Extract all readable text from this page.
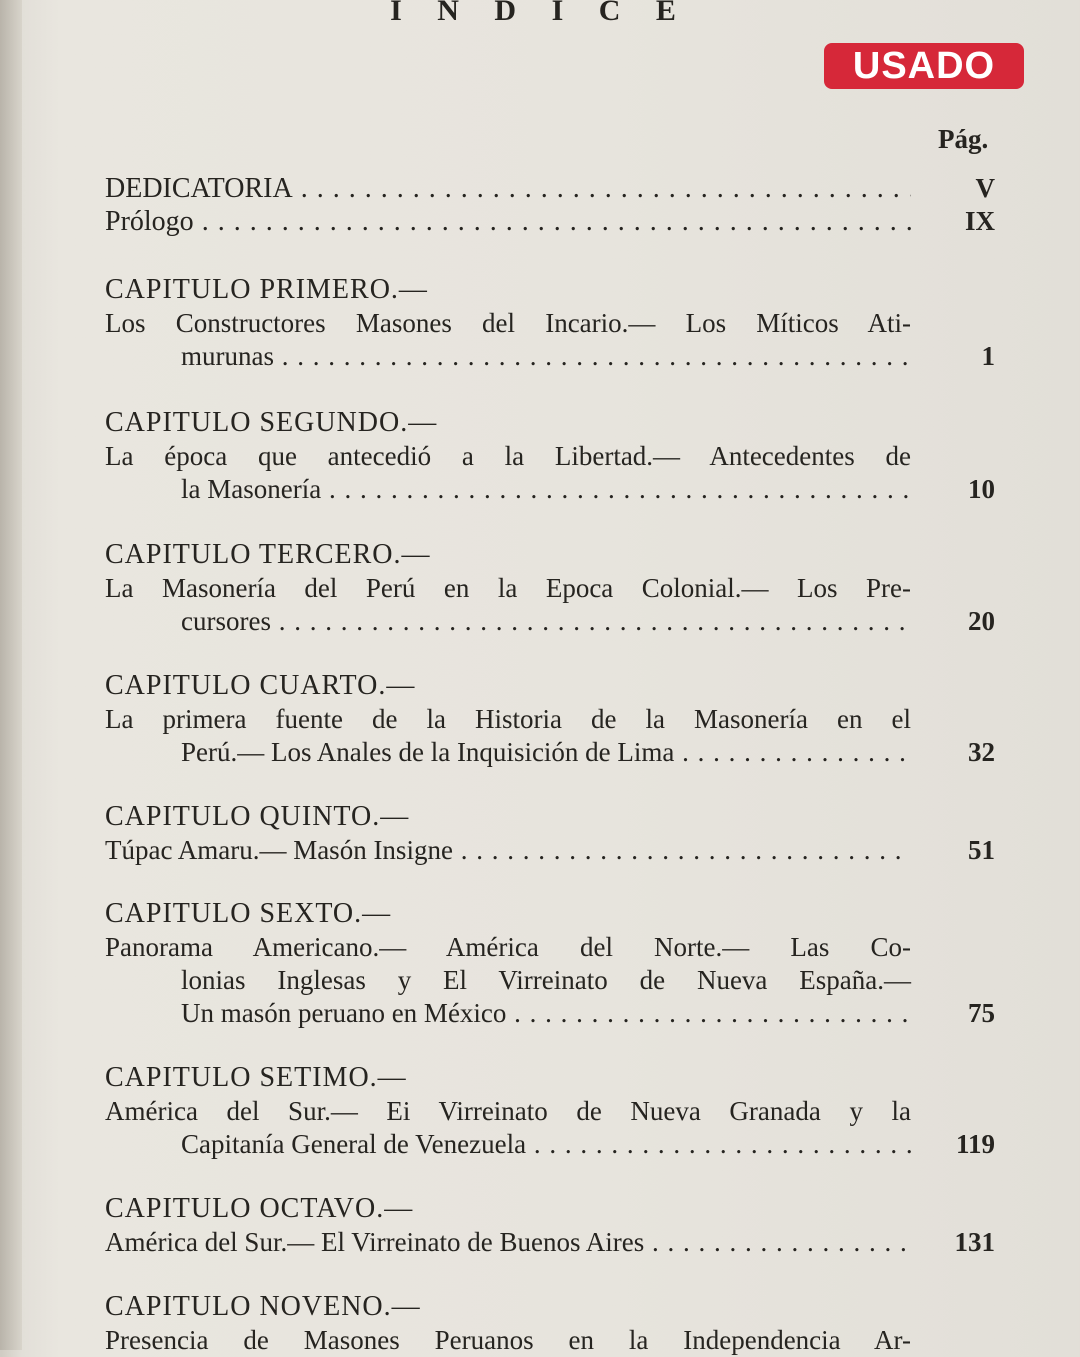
I N D I C E
USADO
Pág.
DEDICATORIA . . .	V
Prólogo . . .	IX
CAPITULO PRIMERO.—
Los Constructores Masones del Incario.— Los Míticos Ati-
murunas . . .	1
CAPITULO SEGUNDO.—
La época que antecedió a la Libertad.— Antecedentes de
la Masonería . . .	10
CAPITULO TERCERO.—
La Masonería del Perú en la Epoca Colonial.— Los Pre-
cursores . . .	20
CAPITULO CUARTO.—
La primera fuente de la Historia de la Masonería en el
Perú.— Los Anales de la Inquisición de Lima . . .	32
CAPITULO QUINTO.—
Túpac Amaru.— Masón Insigne . . .	51
CAPITULO SEXTO.—
Panorama Americano.— América del Norte.— Las Co-
lonias Inglesas y El Virreinato de Nueva España.—
Un masón peruano en México . . .	75
CAPITULO SETIMO.—
América del Sur.— Ei Virreinato de Nueva Granada y la
Capitanía General de Venezuela . . .	119
CAPITULO OCTAVO.—
América del Sur.— El Virreinato de Buenos Aires . . .	131
CAPITULO NOVENO.—
Presencia de Masones Peruanos en la Independencia Ar-
